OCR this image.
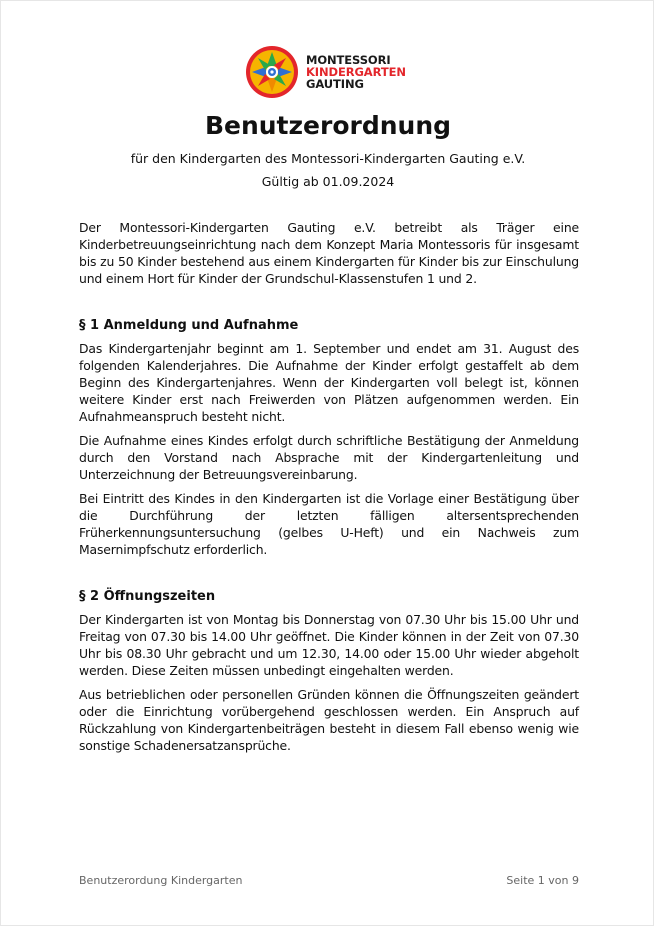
MONTESSORI
KINDERGARTEN
GAUTING
Benutzerordnung
für den Kindergarten des Montessori-Kindergarten Gauting e.V.
Gültig ab 01.09.2024

Der Montessori-Kindergarten Gauting e.V. betreibt als Träger eine Kinderbetreuungseinrichtung nach dem Konzept Maria Montessoris für insgesamt bis zu 50 Kinder bestehend aus einem Kindergarten für Kinder bis zur Einschulung und einem Hort für Kinder der Grundschul-Klassenstufen 1 und 2.

§ 1 Anmeldung und Aufnahme

Das Kindergartenjahr beginnt am 1. September und endet am 31. August des folgenden Kalenderjahres. Die Aufnahme der Kinder erfolgt gestaffelt ab dem Beginn des Kindergartenjahres. Wenn der Kindergarten voll belegt ist, können weitere Kinder erst nach Freiwerden von Plätzen aufgenommen werden. Ein Aufnahmeanspruch besteht nicht.

Die Aufnahme eines Kindes erfolgt durch schriftliche Bestätigung der Anmeldung durch den Vorstand nach Absprache mit der Kindergartenleitung und Unterzeichnung der Betreuungsvereinbarung.

Bei Eintritt des Kindes in den Kindergarten ist die Vorlage einer Bestätigung über die Durchführung der letzten fälligen altersentsprechenden Früherkennungsuntersuchung (gelbes U-Heft) und ein Nachweis zum Masernimpfschutz erforderlich.

§ 2 Öffnungszeiten

Der Kindergarten ist von Montag bis Donnerstag von 07.30 Uhr bis 15.00 Uhr und Freitag von 07.30 bis 14.00 Uhr geöffnet. Die Kinder können in der Zeit von 07.30 Uhr bis 08.30 Uhr gebracht und um 12.30, 14.00 oder 15.00 Uhr wieder abgeholt werden. Diese Zeiten müssen unbedingt eingehalten werden.

Aus betrieblichen oder personellen Gründen können die Öffnungszeiten geändert oder die Einrichtung vorübergehend geschlossen werden. Ein Anspruch auf Rückzahlung von Kindergartenbeiträgen besteht in diesem Fall ebenso wenig wie sonstige Schadenersatzansprüche.

Benutzerordung Kindergarten	Seite 1 von 9
